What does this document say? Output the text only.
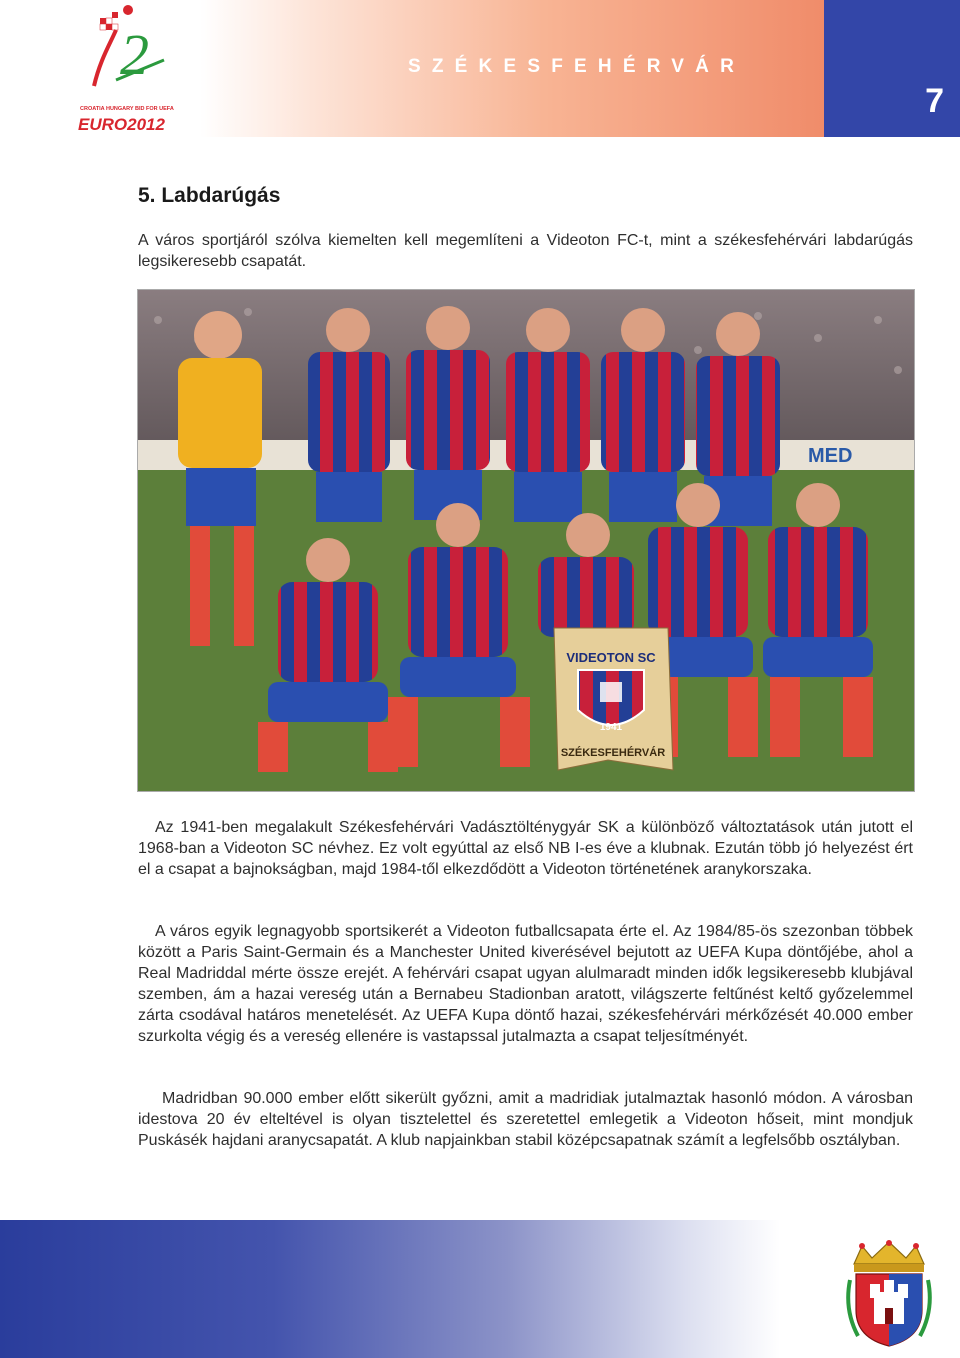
2
CROATIA HUNGARY BID FOR UEFA
EURO2012
SZÉKESFEHÉRVÁR
7
5. Labdarúgás
A város sportjáról szólva kiemelten kell megemlíteni a Videoton FC-t, mint a székesfehérvári labdarúgás legsikeresebb csapatát.
MED
VIDEOTON SC
1941
SZÉKESFEHÉRVÁR
Az 1941-ben megalakult Székesfehérvári Vadásztölténygyár SK a különböző változtatások után jutott el 1968-ban a Videoton SC névhez. Ez volt egyúttal az első NB I-es éve a klubnak. Ezután több jó helyezést ért el a csapat a bajnokságban, majd 1984-től elkezdődött a Videoton történetének aranykorszaka.
A város egyik legnagyobb sportsikerét a Videoton futballcsapata érte el. Az 1984/85-ös szezonban többek között a Paris Saint-Germain és a Manchester United kiverésével bejutott az UEFA Kupa döntőjébe, ahol a Real Madriddal mérte össze erejét. A fehérvári csapat ugyan alulmaradt minden idők legsikeresebb klubjával szemben, ám a hazai vereség után a Bernabeu Stadionban aratott, világszerte feltűnést keltő győzelemmel zárta csodával határos menetelését. Az UEFA Kupa döntő hazai, székesfehérvári mérkőzését 40.000 ember szurkolta végig és a vereség ellenére is vastapssal jutalmazta a csapat teljesítményét.
Madridban 90.000 ember előtt sikerült győzni, amit a madridiak jutalmaztak hasonló módon. A városban idestova 20 év elteltével is olyan tisztelettel és szeretettel emlegetik a Videoton hőseit, mint mondjuk Puskásék hajdani aranycsapatát. A klub napjainkban stabil középcsapatnak számít a legfelsőbb osztályban.
